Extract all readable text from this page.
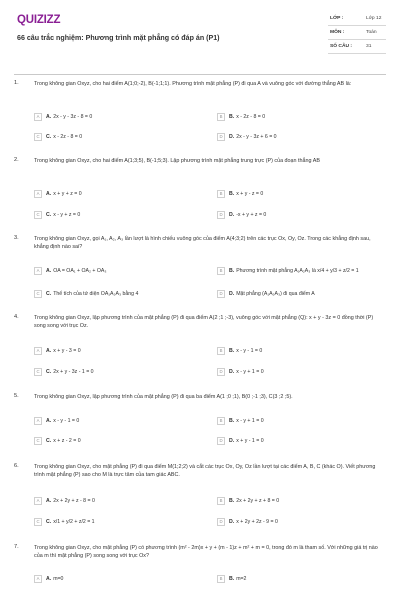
QUIZIZZ
66 câu trắc nghiệm: Phương trình mặt phẳng có đáp án (P1)
LỚP :	Lớp 12
MÔN :	Toán
SỐ CÂU :	31
1.	Trong không gian Oxyz, cho hai điểm A(1;0;-2), B(-1;1;1). Phương trình mặt phẳng (P) đi qua A và vuông góc với đường thẳng AB là:
A	A. 2x - y - 3z - 8 = 0	B	B. x - 2z - 8 = 0
C	C. x - 2z - 8 = 0	D	D. 2x - y - 3z + 6 = 0
2.	Trong không gian Oxyz, cho hai điểm A(1;3;5), B(-1;5;3). Lập phương trình mặt phẳng trung trực (P) của đoạn thẳng AB
A	A. x + y + z = 0	B	B. x + y - z = 0
C	C. x - y + z = 0	D	D. -x + y + z = 0
3.	Trong không gian Oxyz, gọi A₁, A₂, A₃ lần lượt là hình chiếu vuông góc của điểm A(4;3;2) trên các trục Ox, Oy, Oz. Trong các khẳng định sau, khẳng định nào sai?
A	A. OA = OA₁ + OA₂ + OA₃	B	B. Phương trình mặt phẳng A₁A₂A₃ là x/4 + y/3 + z/2 = 1
C	C. Thể tích của tứ diện OA₁A₂A₃ bằng 4	D	D. Mặt phẳng (A₁A₂A₃) đi qua điểm A
4.	Trong không gian Oxyz, lập phương trình của mặt phẳng (P) đi qua điểm A(2 ;1 ;-3), vuông góc với mặt phẳng (Q): x + y - 3z = 0 đồng thời (P) song song với trục Oz.
A	A. x + y - 3 = 0	B	B. x - y - 1 = 0
C	C. 2x + y - 3z - 1 = 0	D	D. x - y + 1 = 0
5.	Trong không gian Oxyz, lập phương trình của mặt phẳng (P) đi qua ba điểm A(1 ;0 ;1), B(0 ;-1 ;3), C(3 ;2 ;5).
A	A. x - y - 1 = 0	B	B. x - y + 1 = 0
C	C. x + z - 2 = 0	D	D. x + y - 1 = 0
6.	Trong không gian Oxyz, cho mặt phẳng (P) đi qua điểm M(1;2;2) và cắt các trục Ox, Oy, Oz lần lượt tại các điểm A, B, C (khác O). Viết phương trình mặt phẳng (P) sao cho M là trực tâm của tam giác ABC.
A	A. 2x + 2y + z - 8 = 0	B	B. 2x + 2y + z + 8 = 0
C	C. x/1 + y/2 + z/2 = 1	D	D. x + 2y + 2z - 9 = 0
7.	Trong không gian Oxyz, cho mặt phẳng (P) có phương trình (m² - 2m)x + y + (m - 1)z + m² + m = 0, trong đó m là tham số. Với những giá trị nào của m thì mặt phẳng (P) song song với trục Ox?
A	A. m=0	B	B. m=2
